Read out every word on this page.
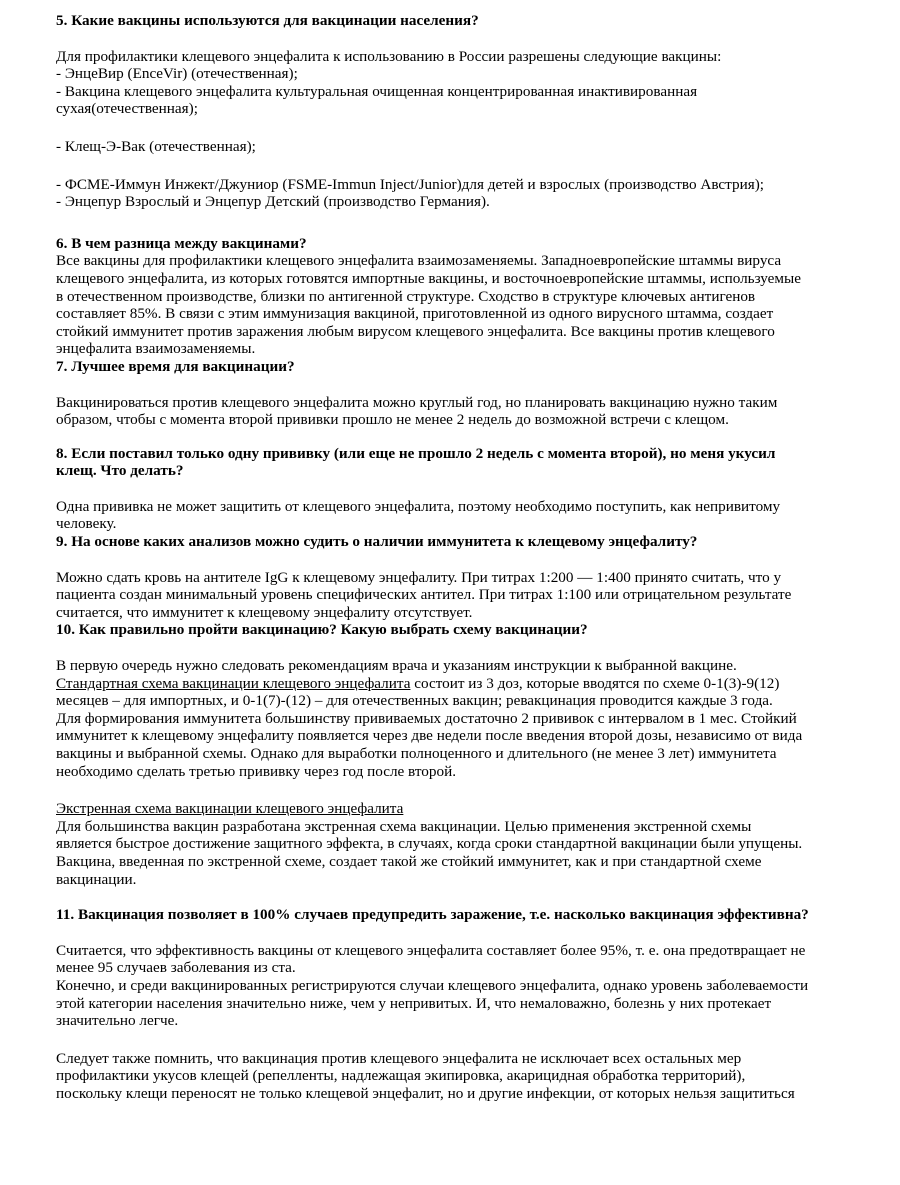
5. Какие вакцины используются для вакцинации населения?

Для профилактики клещевого энцефалита к использованию в России разрешены следующие вакцины:

- ЭнцеВир (EnceVir) (отечественная);

- Вакцина клещевого энцефалита культуральная очищенная концентрированная инактивированная

сухая(отечественная);

- Клещ-Э-Вак (отечественная);

- ФСМЕ-Иммун Инжект/Джуниор (FSME-Immun Inject/Junior)для детей и взрослых (производство Австрия);

- Энцепур Взрослый и Энцепур Детский (производство Германия).

6. В чем разница между вакцинами?

Все вакцины для профилактики клещевого энцефалита взаимозаменяемы. Западноевропейские штаммы вируса

клещевого энцефалита, из которых готовятся импортные вакцины, и восточноевропейские штаммы, используемые

в отечественном производстве, близки по антигенной структуре. Сходство в структуре ключевых антигенов

составляет 85%. В связи с этим иммунизация вакциной, приготовленной из одного вирусного штамма, создает

стойкий иммунитет против заражения любым вирусом клещевого энцефалита. Все вакцины против клещевого

энцефалита взаимозаменяемы.

7. Лучшее время для вакцинации?

Вакцинироваться против клещевого энцефалита можно круглый год, но планировать вакцинацию нужно таким

образом, чтобы с момента второй прививки прошло не менее 2 недель до возможной встречи с клещом.

8. Если поставил только одну прививку (или еще не прошло 2 недель с момента второй), но меня укусил

клещ. Что делать?

Одна прививка не может защитить от клещевого энцефалита, поэтому необходимо поступить, как непривитому

человеку.

9. На основе каких анализов можно судить о наличии иммунитета к клещевому энцефалиту?

Можно сдать кровь на антителе IgG к клещевому энцефалиту. При титрах 1:200 — 1:400 принято считать, что у

пациента создан минимальный уровень специфических антител. При титрах 1:100 или отрицательном результате

считается, что иммунитет к клещевому энцефалиту отсутствует.

10. Как правильно пройти вакцинацию? Какую выбрать схему вакцинации?

В первую очередь нужно следовать рекомендациям врача и указаниям инструкции к выбранной вакцине.

Стандартная схема вакцинации клещевого энцефалита состоит из 3 доз, которые вводятся по схеме 0-1(3)-9(12)

месяцев – для импортных, и 0-1(7)-(12) – для отечественных вакцин; ревакцинация проводится каждые 3 года.

Для формирования иммунитета большинству прививаемых достаточно 2 прививок с интервалом в 1 мес. Стойкий

иммунитет к клещевому энцефалиту появляется через две недели после введения второй дозы, независимо от вида

вакцины и выбранной схемы. Однако для выработки полноценного и длительного (не менее 3 лет) иммунитета

необходимо сделать третью прививку через год после второй.

Экстренная схема вакцинации клещевого энцефалита

Для большинства вакцин разработана экстренная схема вакцинации. Целью применения экстренной схемы

является быстрое достижение защитного эффекта, в случаях, когда сроки стандартной вакцинации были упущены.

Вакцина, введенная по экстренной схеме, создает такой же стойкий иммунитет, как и при стандартной схеме

вакцинации.

11. Вакцинация позволяет в 100% случаев предупредить заражение, т.е. насколько вакцинация эффективна?

Считается, что эффективность вакцины от клещевого энцефалита составляет более 95%, т. е. она предотвращает не

менее 95 случаев заболевания из ста.

Конечно, и среди вакцинированных регистрируются случаи клещевого энцефалита, однако уровень заболеваемости

этой категории населения значительно ниже, чем у непривитых. И, что немаловажно, болезнь у них протекает

значительно легче.

Следует также помнить, что вакцинация против клещевого энцефалита не исключает всех остальных мер

профилактики укусов клещей (репелленты, надлежащая экипировка, акарицидная обработка территорий),

поскольку клещи переносят не только клещевой энцефалит, но и другие инфекции, от которых нельзя защититься
